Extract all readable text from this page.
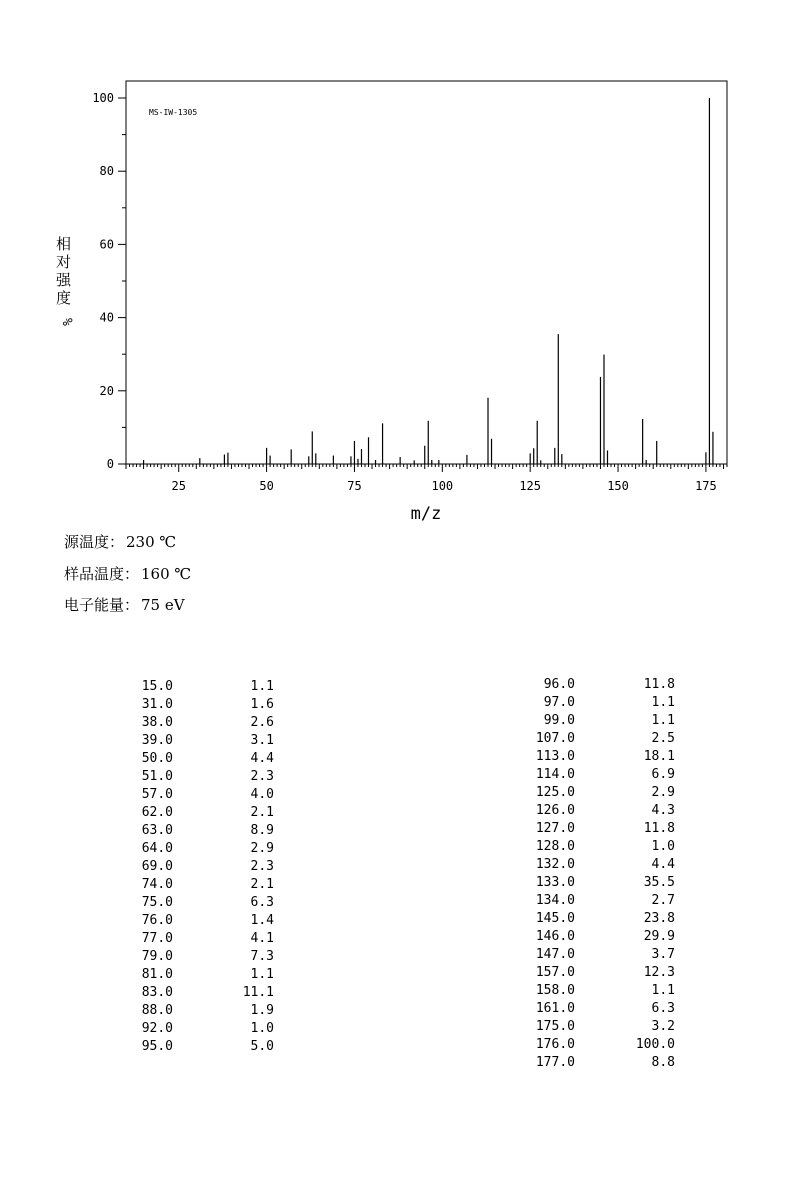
0
20
40
60
80
100
25	50	75	100	125	150	175
MS-IW-1305
m/z
相
对
强
度
%
源温度： 230 ℃
样品温度： 160 ℃
电子能量： 75 eV
15.0	1.1
31.0	1.6
38.0	2.6
39.0	3.1
50.0	4.4
51.0	2.3
57.0	4.0
62.0	2.1
63.0	8.9
64.0	2.9
69.0	2.3
74.0	2.1
75.0	6.3
76.0	1.4
77.0	4.1
79.0	7.3
81.0	1.1
83.0	11.1
88.0	1.9
92.0	1.0
95.0	5.0
96.0	11.8
97.0	1.1
99.0	1.1
107.0	2.5
113.0	18.1
114.0	6.9
125.0	2.9
126.0	4.3
127.0	11.8
128.0	1.0
132.0	4.4
133.0	35.5
134.0	2.7
145.0	23.8
146.0	29.9
147.0	3.7
157.0	12.3
158.0	1.1
161.0	6.3
175.0	3.2
176.0	100.0
177.0	8.8
